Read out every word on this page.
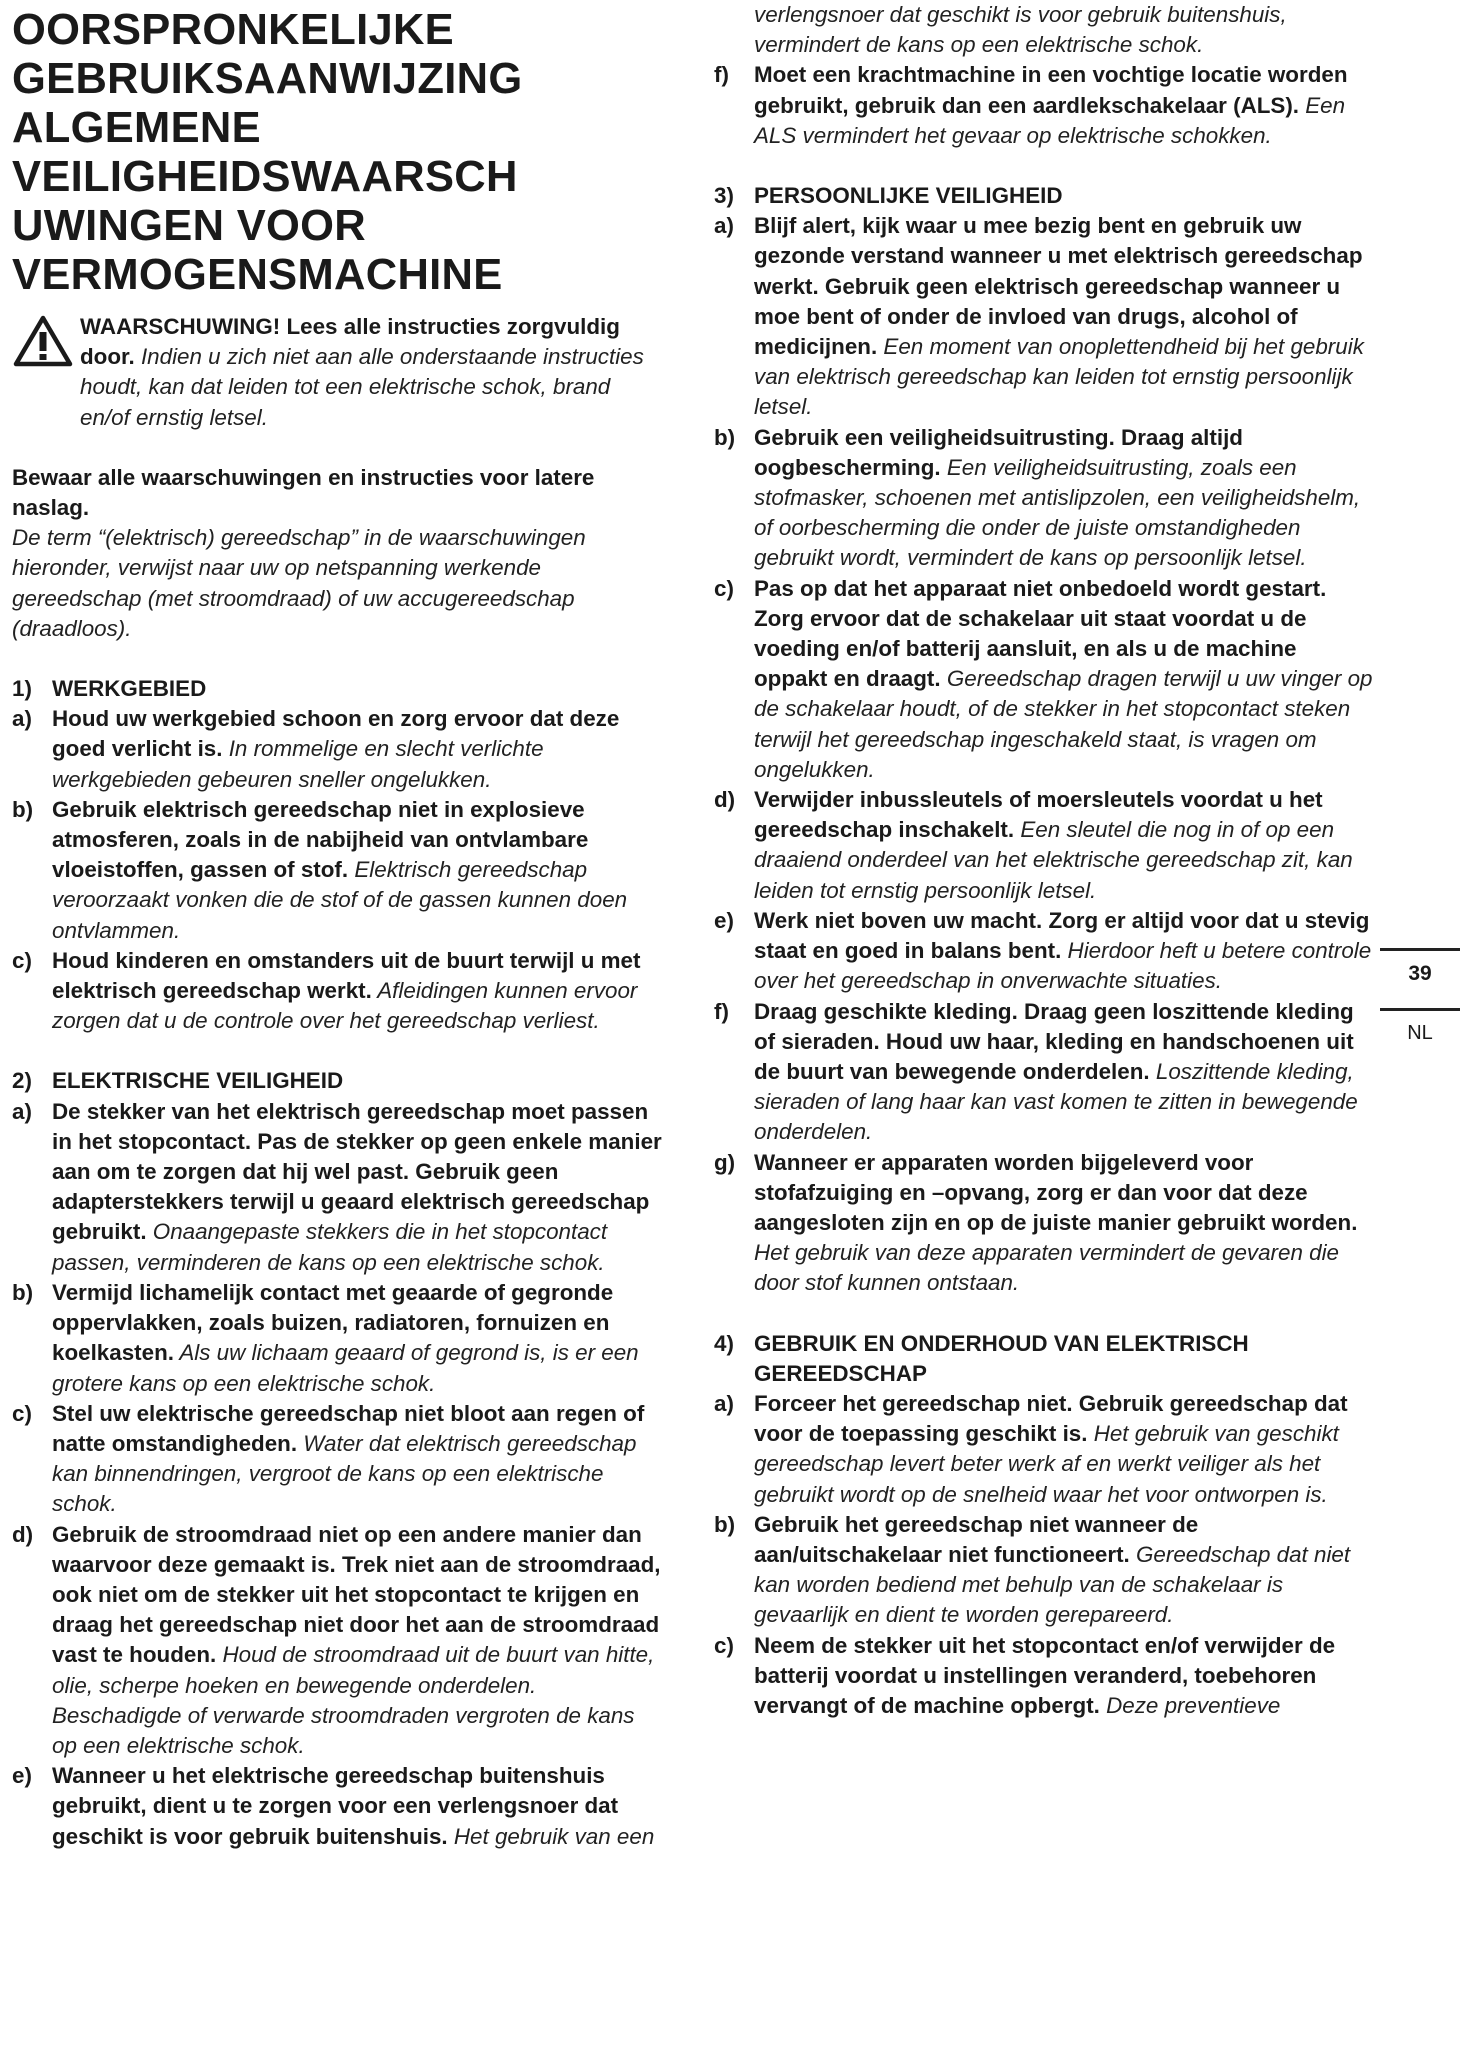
OORSPRONKELIJKE
GEBRUIKSAANWIJZING
ALGEMENE
VEILIGHEIDSWAARSCH
UWINGEN VOOR
VERMOGENSMACHINE

WAARSCHUWING! Lees alle instructies zorgvuldig door. Indien u zich niet aan alle onderstaande instructies houdt, kan dat leiden tot een elektrische schok, brand en/of ernstig letsel.

Bewaar alle waarschuwingen en instructies voor latere naslag.

De term “(elektrisch) gereedschap” in de waarschuwingen hieronder, verwijst naar uw op netspanning werkende gereedschap (met stroomdraad) of uw accugereedschap (draadloos).

1) WERKGEBIED
a) Houd uw werkgebied schoon en zorg ervoor dat deze goed verlicht is. In rommelige en slecht verlichte werkgebieden gebeuren sneller ongelukken.
b) Gebruik elektrisch gereedschap niet in explosieve atmosferen, zoals in de nabijheid van ontvlambare vloeistoffen, gassen of stof. Elektrisch gereedschap veroorzaakt vonken die de stof of de gassen kunnen doen ontvlammen.
c) Houd kinderen en omstanders uit de buurt terwijl u met elektrisch gereedschap werkt. Afleidingen kunnen ervoor zorgen dat u de controle over het gereedschap verliest.
2) ELEKTRISCHE VEILIGHEID
a) De stekker van het elektrisch gereedschap moet passen in het stopcontact. Pas de stekker op geen enkele manier aan om te zorgen dat hij wel past. Gebruik geen adapterstekkers terwijl u geaard elektrisch gereedschap gebruikt. Onaangepaste stekkers die in het stopcontact passen, verminderen de kans op een elektrische schok.
b) Vermijd lichamelijk contact met geaarde of gegronde oppervlakken, zoals buizen, radiatoren, fornuizen en koelkasten. Als uw lichaam geaard of gegrond is, is er een grotere kans op een elektrische schok.
c) Stel uw elektrische gereedschap niet bloot aan regen of natte omstandigheden. Water dat elektrisch gereedschap kan binnendringen, vergroot de kans op een elektrische schok.
d) Gebruik de stroomdraad niet op een andere manier dan waarvoor deze gemaakt is. Trek niet aan de stroomdraad, ook niet om de stekker uit het stopcontact te krijgen en draag het gereedschap niet door het aan de stroomdraad vast te houden. Houd de stroomdraad uit de buurt van hitte, olie, scherpe hoeken en bewegende onderdelen. Beschadigde of verwarde stroomdraden vergroten de kans op een elektrische schok.
e) Wanneer u het elektrische gereedschap buitenshuis gebruikt, dient u te zorgen voor een verlengsnoer dat geschikt is voor gebruik buitenshuis. Het gebruik van een
verlengsnoer dat geschikt is voor gebruik buitenshuis, vermindert de kans op een elektrische schok.
f)	Moet een krachtmachine in een vochtige locatie worden gebruikt, gebruik dan een aardlekschakelaar (ALS). Een ALS vermindert het gevaar op elektrische schokken.
3) PERSOONLIJKE VEILIGHEID
a) Blijf alert, kijk waar u mee bezig bent en gebruik uw gezonde verstand wanneer u met elektrisch gereedschap werkt. Gebruik geen elektrisch gereedschap wanneer u moe bent of onder de invloed van drugs, alcohol of medicijnen. Een moment van onoplettendheid bij het gebruik van elektrisch gereedschap kan leiden tot ernstig persoonlijk letsel.
b) Gebruik een veiligheidsuitrusting. Draag altijd oogbescherming. Een veiligheidsuitrusting, zoals een stofmasker, schoenen met antislipzolen, een veiligheidshelm, of oorbescherming die onder de juiste omstandigheden gebruikt wordt, vermindert de kans op persoonlijk letsel.
c) Pas op dat het apparaat niet onbedoeld wordt gestart. Zorg ervoor dat de schakelaar uit staat voordat u de voeding en/of batterij aansluit, en als u de machine oppakt en draagt. Gereedschap dragen terwijl u uw vinger op de schakelaar houdt, of de stekker in het stopcontact steken terwijl het gereedschap ingeschakeld staat, is vragen om ongelukken.
d) Verwijder inbussleutels of moersleutels voordat u het gereedschap inschakelt. Een sleutel die nog in of op een draaiend onderdeel van het elektrische gereedschap zit, kan leiden tot ernstig persoonlijk letsel.
e) Werk niet boven uw macht. Zorg er altijd voor dat u stevig staat en goed in balans bent. Hierdoor heft u betere controle over het gereedschap in onverwachte situaties.
f)	Draag geschikte kleding. Draag geen loszittende kleding of sieraden. Houd uw haar, kleding en handschoenen uit de buurt van bewegende onderdelen. Loszittende kleding, sieraden of lang haar kan vast komen te zitten in bewegende onderdelen.
g) Wanneer er apparaten worden bijgeleverd voor stofafzuiging en –opvang, zorg er dan voor dat deze aangesloten zijn en op de juiste manier gebruikt worden. Het gebruik van deze apparaten vermindert de gevaren die door stof kunnen ontstaan.
4) GEBRUIK EN ONDERHOUD VAN ELEKTRISCH GEREEDSCHAP
a) Forceer het gereedschap niet. Gebruik gereedschap dat voor de toepassing geschikt is. Het gebruik van geschikt gereedschap levert beter werk af en werkt veiliger als het gebruikt wordt op de snelheid waar het voor ontworpen is.
b) Gebruik het gereedschap niet wanneer de aan/uitschakelaar niet functioneert. Gereedschap dat niet kan worden bediend met behulp van de schakelaar is gevaarlijk en dient te worden gerepareerd.
c) Neem de stekker uit het stopcontact en/of verwijder de batterij voordat u instellingen veranderd, toebehoren vervangt of de machine opbergt. Deze preventieve
39
NL
